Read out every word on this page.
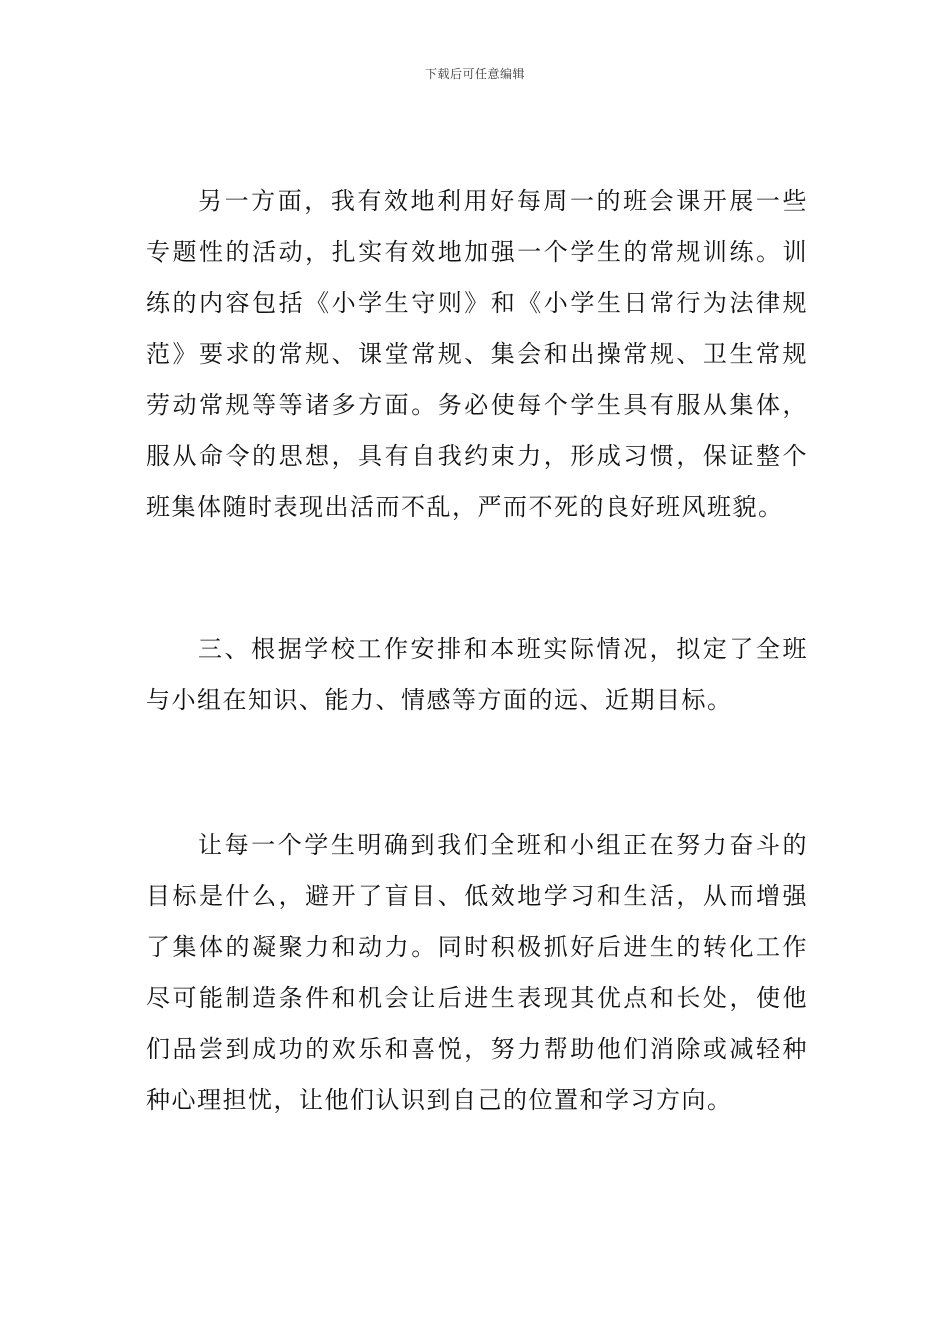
下载后可任意编辑

另一方面，我有效地利用好每周一的班会课开展一些专题性的活动，扎实有效地加强一个学生的常规训练。训练的内容包括《小学生守则》和《小学生日常行为法律规范》要求的常规、课堂常规、集会和出操常规、卫生常规劳动常规等等诸多方面。务必使每个学生具有服从集体，服从命令的思想，具有自我约束力，形成习惯，保证整个班集体随时表现出活而不乱，严而不死的良好班风班貌。

三、根据学校工作安排和本班实际情况，拟定了全班与小组在知识、能力、情感等方面的远、近期目标。

让每一个学生明确到我们全班和小组正在努力奋斗的目标是什么，避开了盲目、低效地学习和生活，从而增强了集体的凝聚力和动力。同时积极抓好后进生的转化工作尽可能制造条件和机会让后进生表现其优点和长处，使他们品尝到成功的欢乐和喜悦，努力帮助他们消除或减轻种种心理担忧，让他们认识到自己的位置和学习方向。
